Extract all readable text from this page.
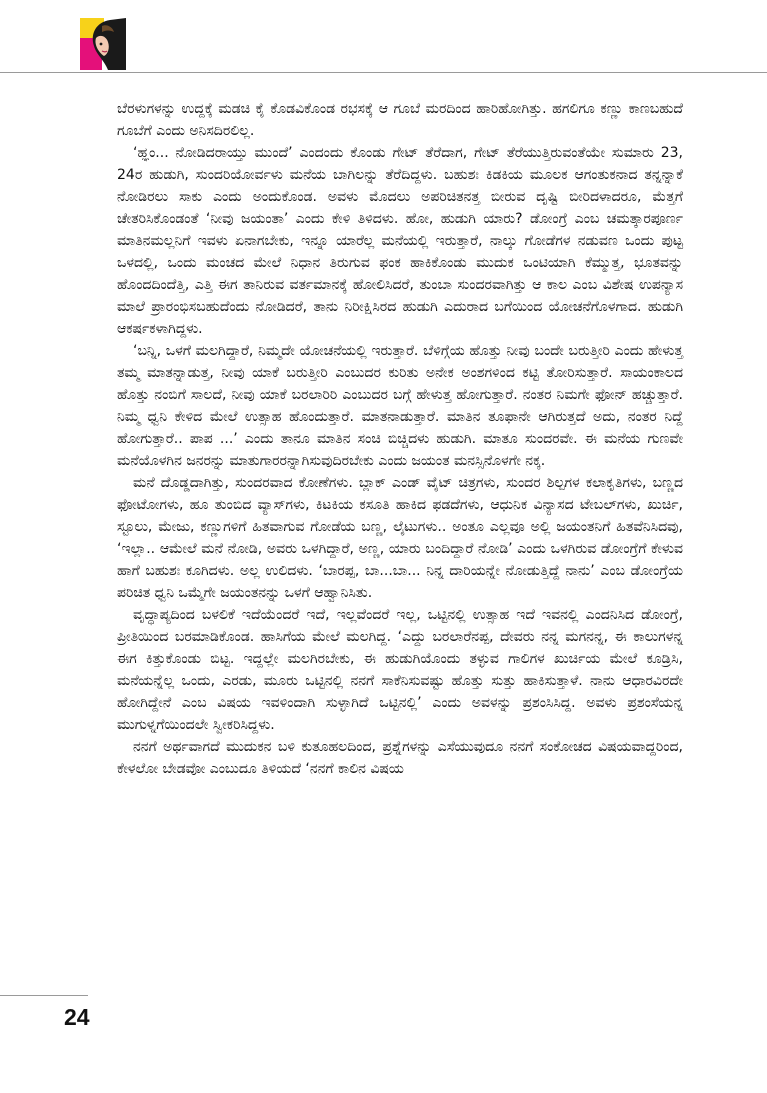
ಬೆರಳುಗಳನ್ನು ಉದ್ದಕ್ಕೆ ಮಡಚಿ ಕೈ ಕೊಡವಿಕೊಂಡ ರಭಸಕ್ಕೆ ಆ ಗೂಬೆ ಮರದಿಂದ ಹಾರಿಹೋಗಿತ್ತು. ಹಗಲಿಗೂ ಕಣ್ಣು ಕಾಣಬಹುದೆ ಗೂಬೆಗೆ ಎಂದು ಅನಿಸದಿರಲಿಲ್ಲ.

‘ಹ್ಞಂ... ನೋಡಿದರಾಯ್ತು ಮುಂದೆ’ ಎಂದಂದು ಕೊಂಡು ಗೇಟ್ ತೆರೆದಾಗ, ಗೇಟ್ ತೆರೆಯುತ್ತಿರುವಂತೆಯೇ ಸುಮಾರು 23, 24ರ ಹುಡುಗಿ, ಸುಂದರಿಯೋರ್ವಳು ಮನೆಯ ಬಾಗಿಲನ್ನು ತೆರೆದಿದ್ದಳು. ಬಹುಶಃ ಕಿಡಕಿಯ ಮೂಲಕ ಆಗಂತುಕನಾದ ತನ್ನನ್ನಾಕೆ ನೋಡಿರಲು ಸಾಕು ಎಂದು ಅಂದುಕೊಂಡ. ಅವಳು ಮೊದಲು ಅಪರಿಚಿತನತ್ತ ಬೀರುವ ದೃಷ್ಟಿ ಬೀರಿದಳಾದರೂ, ಮೆತ್ತಗೆ ಚೇತರಿಸಿಕೊಂಡಂತೆ ‘ನೀವು ಜಯಂತಾ’ ಎಂದು ಕೇಳಿ ತಿಳಿದಳು. ಹೋ, ಹುಡುಗಿ ಯಾರು? ಡೋಂಗ್ರೆ ಎಂಬ ಚಮತ್ಕಾರಪೂರ್ಣ ಮಾತಿನಮಲ್ಲನಿಗೆ ಇವಳು ಏನಾಗಬೇಕು, ಇನ್ನೂ ಯಾರೆಲ್ಲ ಮನೆಯಲ್ಲಿ ಇರುತ್ತಾರೆ, ನಾಲ್ಕು ಗೋಡೆಗಳ ನಡುವಣ ಒಂದು ಪುಟ್ಟ ಒಳದಲ್ಲಿ, ಒಂದು ಮಂಚದ ಮೇಲೆ ನಿಧಾನ ತಿರುಗುವ ಫಂಕ ಹಾಕಿಕೊಂಡು ಮುದುಕ ಒಂಟಿಯಾಗಿ ಕೆಮ್ಮುತ್ತ, ಭೂತವನ್ನು ಹೊಂದದಿಂದೆತ್ತಿ, ಎತ್ತಿ ಈಗ ತಾನಿರುವ ವರ್ತಮಾನಕ್ಕೆ ಹೋಲಿಸಿದರೆ, ತುಂಬಾ ಸುಂದರವಾಗಿತ್ತು ಆ ಕಾಲ ಎಂಬ ವಿಶೇಷ ಉಪನ್ಯಾಸ ಮಾಲೆ ಪ್ರಾರಂಭಿಸಬಹುದೆಂದು ನೋಡಿದರೆ, ತಾನು ನಿರೀಕ್ಷಿಸಿರದ ಹುಡುಗಿ ಎದುರಾದ ಬಗೆಯಿಂದ ಯೋಚನೆಗೊಳಗಾದ. ಹುಡುಗಿ ಆಕರ್ಷಕಳಾಗಿದ್ದಳು.

‘ಬನ್ನಿ, ಒಳಗೆ ಮಲಗಿದ್ದಾರೆ, ನಿಮ್ಮದೇ ಯೋಚನೆಯಲ್ಲಿ ಇರುತ್ತಾರೆ. ಬೆಳಿಗ್ಗೆಯ ಹೊತ್ತು ನೀವು ಬಂದೇ ಬರುತ್ತೀರಿ ಎಂದು ಹೇಳುತ್ತ ತಮ್ಮ ಮಾತನ್ನಾಡುತ್ತ, ನೀವು ಯಾಕೆ ಬರುತ್ತೀರಿ ಎಂಬುದರ ಕುರಿತು ಅನೇಕ ಅಂಶಗಳಿಂದ ಕಟ್ಟಿ ತೋರಿಸುತ್ತಾರೆ. ಸಾಯಂಕಾಲದ ಹೊತ್ತು ನಂಬಿಗೆ ಸಾಲದೆ, ನೀವು ಯಾಕೆ ಬರಲಾರಿರಿ ಎಂಬುದರ ಬಗ್ಗೆ ಹೇಳುತ್ತ ಹೋಗುತ್ತಾರೆ. ನಂತರ ನಿಮಗೇ ಫೋನ್ ಹಚ್ಚುತ್ತಾರೆ. ನಿಮ್ಮ ಧ್ವನಿ ಕೇಳಿದ ಮೇಲೆ ಉತ್ಸಾಹ ಹೊಂದುತ್ತಾರೆ. ಮಾತನಾಡುತ್ತಾರೆ. ಮಾತಿನ ತೂಫಾನೇ ಆಗಿರುತ್ತದೆ ಅದು, ನಂತರ ನಿದ್ದೆ ಹೋಗುತ್ತಾರೆ.. ಪಾಪ ...’ ಎಂದು ತಾನೂ ಮಾತಿನ ಸಂಚಿ ಬಿಚ್ಚಿದಳು ಹುಡುಗಿ. ಮಾತೂ ಸುಂದರವೇ. ಈ ಮನೆಯ ಗುಣವೇ ಮನೆಯೊಳಗಿನ ಜನರನ್ನು ಮಾತುಗಾರರನ್ನಾಗಿಸುವುದಿರಬೇಕು ಎಂದು ಜಯಂತ ಮನಸ್ಸಿನೊಳಗೇ ನಕ್ಕ.

ಮನೆ ದೊಡ್ಡದಾಗಿತ್ತು, ಸುಂದರವಾದ ಕೋಣೆಗಳು. ಬ್ಲಾಕ್ ಎಂಡ್ ವೈಟ್ ಚಿತ್ರಗಳು, ಸುಂದರ ಶಿಲ್ಪಗಳ ಕಲಾಕೃತಿಗಳು, ಬಣ್ಣದ ಫೋಟೋಗಳು, ಹೂ ತುಂಬಿದ ವ್ಯಾಸ್‌ಗಳು, ಕಿಟಕಿಯ ಕಸೂತಿ ಹಾಕಿದ ಫಡದೆಗಳು, ಆಧುನಿಕ ವಿನ್ಯಾಸದ ಟೇಬಲ್‌ಗಳು, ಖುರ್ಚಿ, ಸ್ಟೂಲು, ಮೇಜು, ಕಣ್ಣುಗಳಿಗೆ ಹಿತವಾಗುವ ಗೋಡೆಯ ಬಣ್ಣ, ಲೈಟುಗಳು.. ಅಂತೂ ಎಲ್ಲವೂ ಅಲ್ಲಿ ಜಯಂತನಿಗೆ ಹಿತವೆನಿಸಿದವು, ‘ಇಲ್ಲಾ.. ಆಮೇಲೆ ಮನೆ ನೋಡಿ, ಅವರು ಒಳಗಿದ್ದಾರೆ, ಅಣ್ಣ, ಯಾರು ಬಂದಿದ್ದಾರೆ ನೋಡಿ’ ಎಂದು ಒಳಗಿರುವ ಡೋಂಗ್ರೆಗೆ ಕೇಳುವ ಹಾಗೆ ಬಹುಶಃ ಕೂಗಿದಳು. ಅಲ್ಲ ಉಲಿದಳು. ‘ಬಾರಪ್ಪ, ಬಾ...ಬಾ... ನಿನ್ನ ದಾರಿಯನ್ನೇ ನೋಡುತ್ತಿದ್ದೆ ನಾನು’ ಎಂಬ ಡೋಂಗ್ರೆಯ ಪರಿಚಿತ ಧ್ವನಿ ಒಮ್ಮೆಗೇ ಜಯಂತನನ್ನು ಒಳಗೆ ಆಹ್ವಾನಿಸಿತು.

ವೃದ್ಧಾಪ್ಯದಿಂದ ಬಳಲಿಕೆ ಇದೆಯೆಂದರೆ ಇದೆ, ಇಲ್ಲವೆಂದರೆ ಇಲ್ಲ, ಒಟ್ಟಿನಲ್ಲಿ ಉತ್ಸಾಹ ಇದೆ ಇವನಲ್ಲಿ ಎಂದನಿಸಿದ ಡೋಂಗ್ರೆ, ಪ್ರೀತಿಯಿಂದ ಬರಮಾಡಿಕೊಂಡ. ಹಾಸಿಗೆಯ ಮೇಲೆ ಮಲಗಿದ್ದ. ‘ಎದ್ದು ಬರಲಾರೆನಪ್ಪ, ದೇವರು ನನ್ನ ಮಗನನ್ನ, ಈ ಕಾಲುಗಳನ್ನ ಈಗ ಕಿತ್ತುಕೊಂಡು ಬಿಟ್ಟ. ಇದ್ದಲ್ಲೇ ಮಲಗಿರಬೇಕು, ಈ ಹುಡುಗಿಯೊಂದು ತಳ್ಳುವ ಗಾಲಿಗಳ ಖುರ್ಚಿಯ ಮೇಲೆ ಕೂಡ್ರಿಸಿ, ಮನೆಯನ್ನೆಲ್ಲ ಒಂದು, ಎರಡು, ಮೂರು ಒಟ್ಟಿನಲ್ಲಿ ನನಗೆ ಸಾಕೆನಿಸುವಷ್ಟು ಹೊತ್ತು ಸುತ್ತು ಹಾಕಿಸುತ್ತಾಳೆ. ನಾನು ಆಧಾರವಿರದೇ ಹೋಗಿದ್ದೇನೆ ಎಂಬ ವಿಷಯ ಇವಳಿಂದಾಗಿ ಸುಳ್ಳಾಗಿದೆ ಒಟ್ಟಿನಲ್ಲಿ’ ಎಂದು ಅವಳನ್ನು ಪ್ರಶಂಸಿಸಿದ್ದ. ಅವಳು ಪ್ರಶಂಸೆಯನ್ನ ಮುಗುಳ್ನಗೆಯಿಂದಲೇ ಸ್ವೀಕರಿಸಿದ್ದಳು.

ನನಗೆ ಅರ್ಥವಾಗದೆ ಮುದುಕನ ಬಳಿ ಕುತೂಹಲದಿಂದ, ಪ್ರಶ್ನೆಗಳನ್ನು ಎಸೆಯುವುದೂ ನನಗೆ ಸಂಕೋಚದ ವಿಷಯವಾದ್ದರಿಂದ, ಕೇಳಲೋ ಬೇಡವೋ ಎಂಬುದೂ ತಿಳಿಯದೆ ‘ನನಗೆ ಕಾಲಿನ ವಿಷಯ

24
